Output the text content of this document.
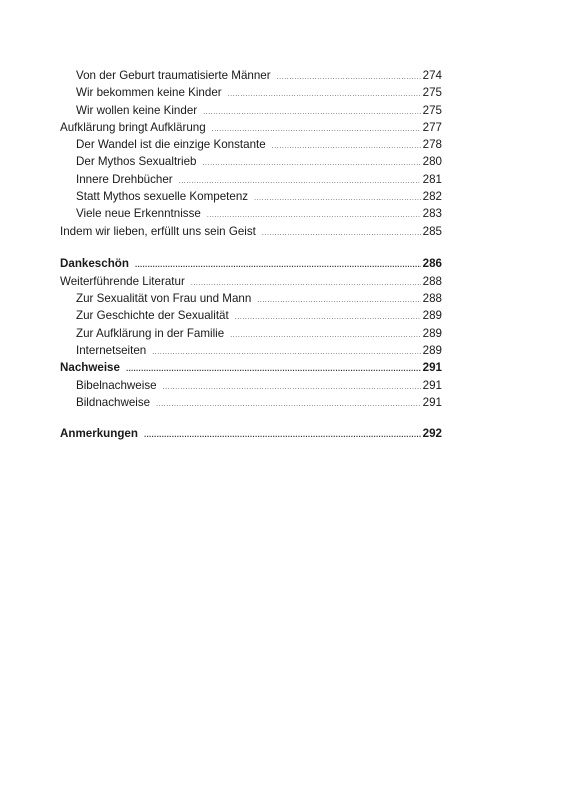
Von der Geburt traumatisierte Männer .....	274
Wir bekommen keine Kinder .....	275
Wir wollen keine Kinder .....	275
Aufklärung bringt Aufklärung .....	277
Der Wandel ist die einzige Konstante .....	278
Der Mythos Sexualtrieb .....	280
Innere Drehbücher .....	281
Statt Mythos sexuelle Kompetenz .....	282
Viele neue Erkenntnisse .....	283
Indem wir lieben, erfüllt uns sein Geist .....	285
Dankeschön .....	286
Weiterführende Literatur .....	288
Zur Sexualität von Frau und Mann .....	288
Zur Geschichte der Sexualität .....	289
Zur Aufklärung in der Familie .....	289
Internetseiten .....	289
Nachweise .....	291
Bibelnachweise .....	291
Bildnachweise .....	291
Anmerkungen .....	292
